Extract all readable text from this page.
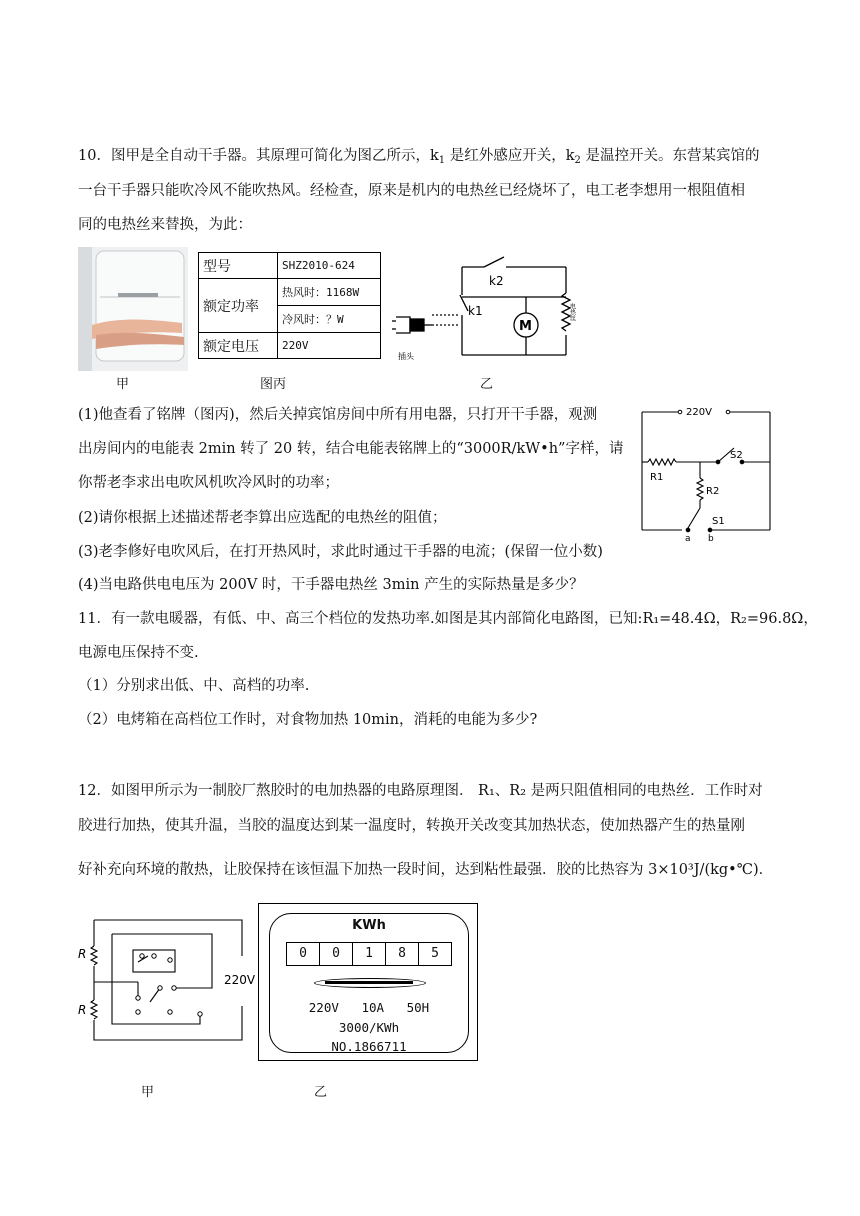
10．图甲是全自动干手器。其原理可简化为图乙所示，$k_1$ 是红外感应开关，$k_2$ 是温控开关。东营某宾馆的
一台干手器只能吹冷风不能吹热风。经检查，原来是机内的电热丝已经烧坏了，电工老李想用一根阻值相
同的电热丝来替换，为此：
甲
型号	SHZ2010-624
额定功率	热风时：1168W
	冷风时：？W
额定电压	220V
图丙
k2
k1
M
电热丝
插头
乙
(1)他查看了铭牌（图丙)，然后关掉宾馆房间中所有用电器，只打开干手器，观测
出房间内的电能表 2min 转了 20 转，结合电能表铭牌上的“3000R/kW•h”字样，请
你帮老李求出电吹风机吹冷风时的功率；
(2)请你根据上述描述帮老李算出应选配的电热丝的阻值；
(3)老李修好电吹风后，在打开热风时，求此时通过干手器的电流；(保留一位小数)
(4)当电路供电电压为 200V 时，干手器电热丝 3min 产生的实际热量是多少？
220V
R1
R2
S2
S1
a b
11．有一款电暖器，有低、中、高三个档位的发热功率.如图是其内部简化电路图，已知:R₁=48.4Ω，R₂=96.8Ω，
电源电压保持不变.
（1）分别求出低、中、高档的功率.
（2）电烤箱在高档位工作时，对食物加热 10min，消耗的电能为多少?
12．如图甲所示为一制胶厂熬胶时的电加热器的电路原理图． R₁、R₂ 是两只阻值相同的电热丝．工作时对
胶进行加热，使其升温，当胶的温度达到某一温度时，转换开关改变其加热状态，使加热器产生的热量刚
好补充向环境的散热，让胶保持在该恒温下加热一段时间，达到粘性最强．胶的比热容为 3×10³J/(kg•℃)．
R
R
220V
甲
KWh
0	0	1	8	5
220V   10A   50H
3000/KWh
NO.1866711
乙
